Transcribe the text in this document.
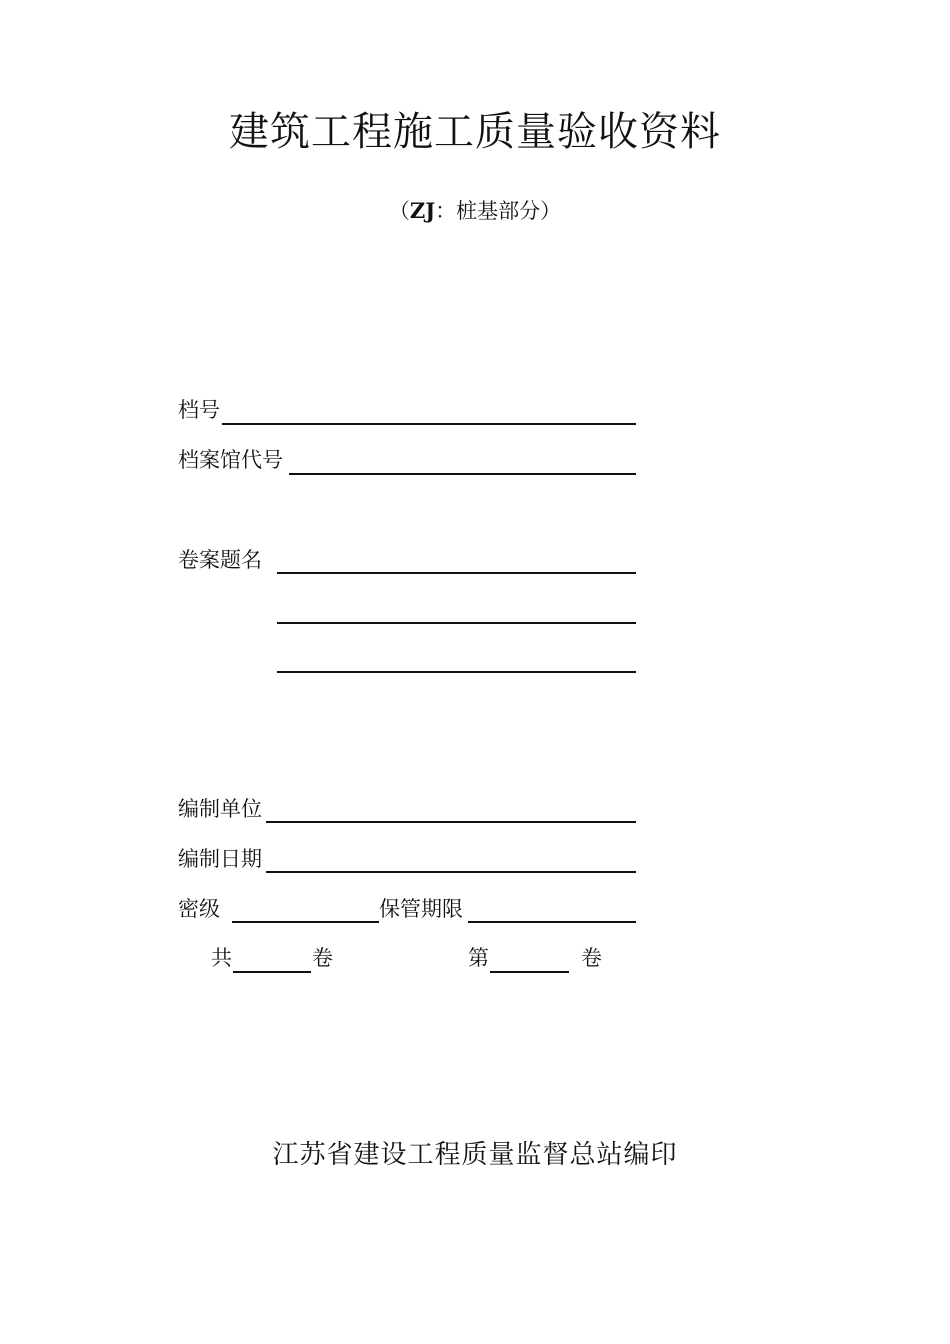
建筑工程施工质量验收资料
（ZJ：桩基部分）
档号
档案馆代号
卷案题名
编制单位
编制日期
密级	保管期限
共	卷	第	卷
江苏省建设工程质量监督总站编印
